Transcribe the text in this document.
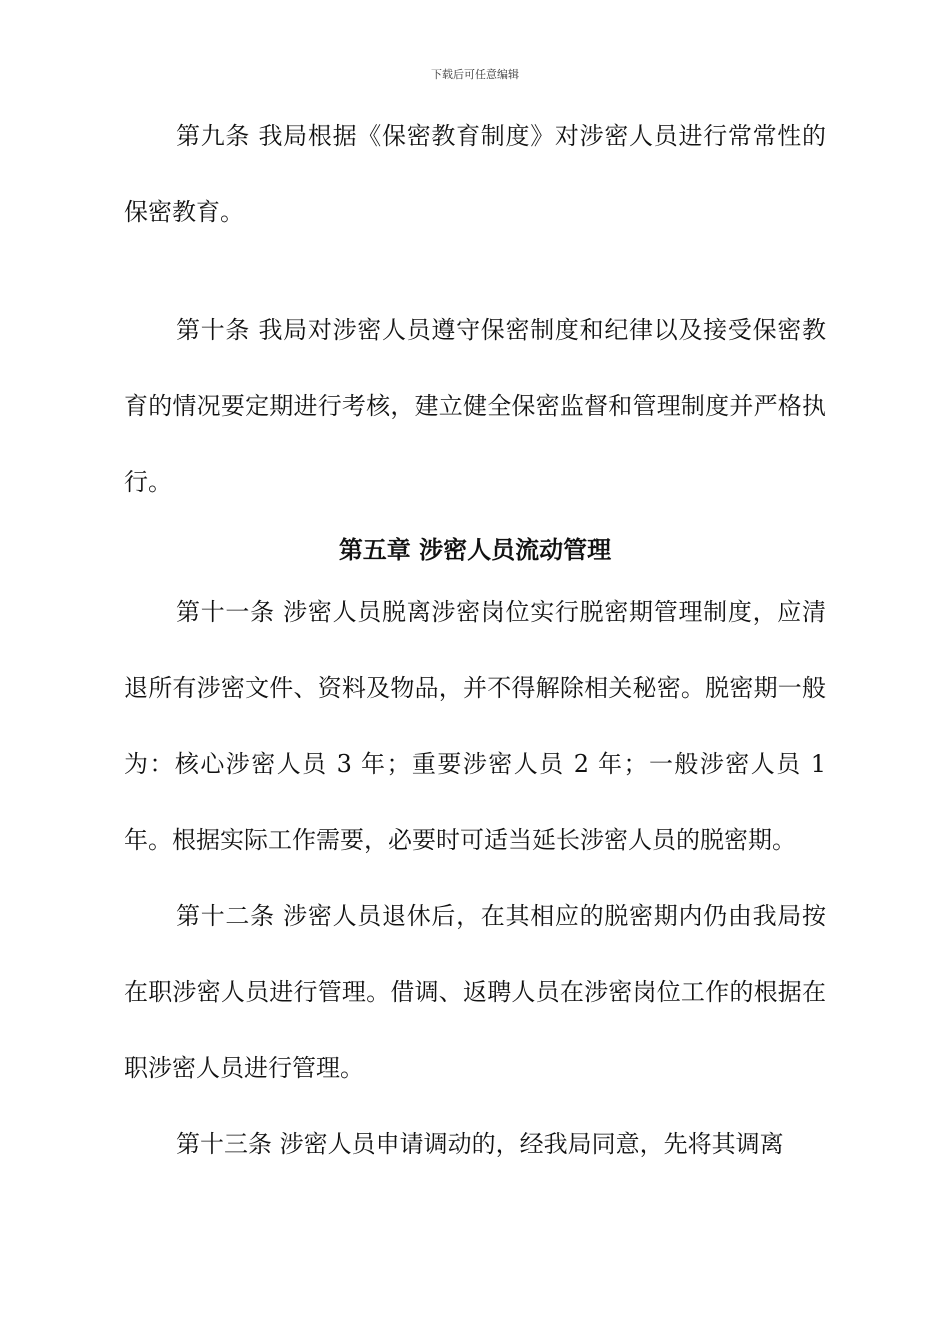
下载后可任意编辑

第九条 我局根据《保密教育制度》对涉密人员进行常常性的保密教育。

第十条 我局对涉密人员遵守保密制度和纪律以及接受保密教育的情况要定期进行考核，建立健全保密监督和管理制度并严格执行。

第五章 涉密人员流动管理

第十一条 涉密人员脱离涉密岗位实行脱密期管理制度，应清退所有涉密文件、资料及物品，并不得解除相关秘密。脱密期一般为：核心涉密人员 3 年；重要涉密人员 2 年；一般涉密人员 1 年。根据实际工作需要，必要时可适当延长涉密人员的脱密期。

第十二条 涉密人员退休后，在其相应的脱密期内仍由我局按在职涉密人员进行管理。借调、返聘人员在涉密岗位工作的根据在职涉密人员进行管理。

第十三条 涉密人员申请调动的，经我局同意，先将其调离
